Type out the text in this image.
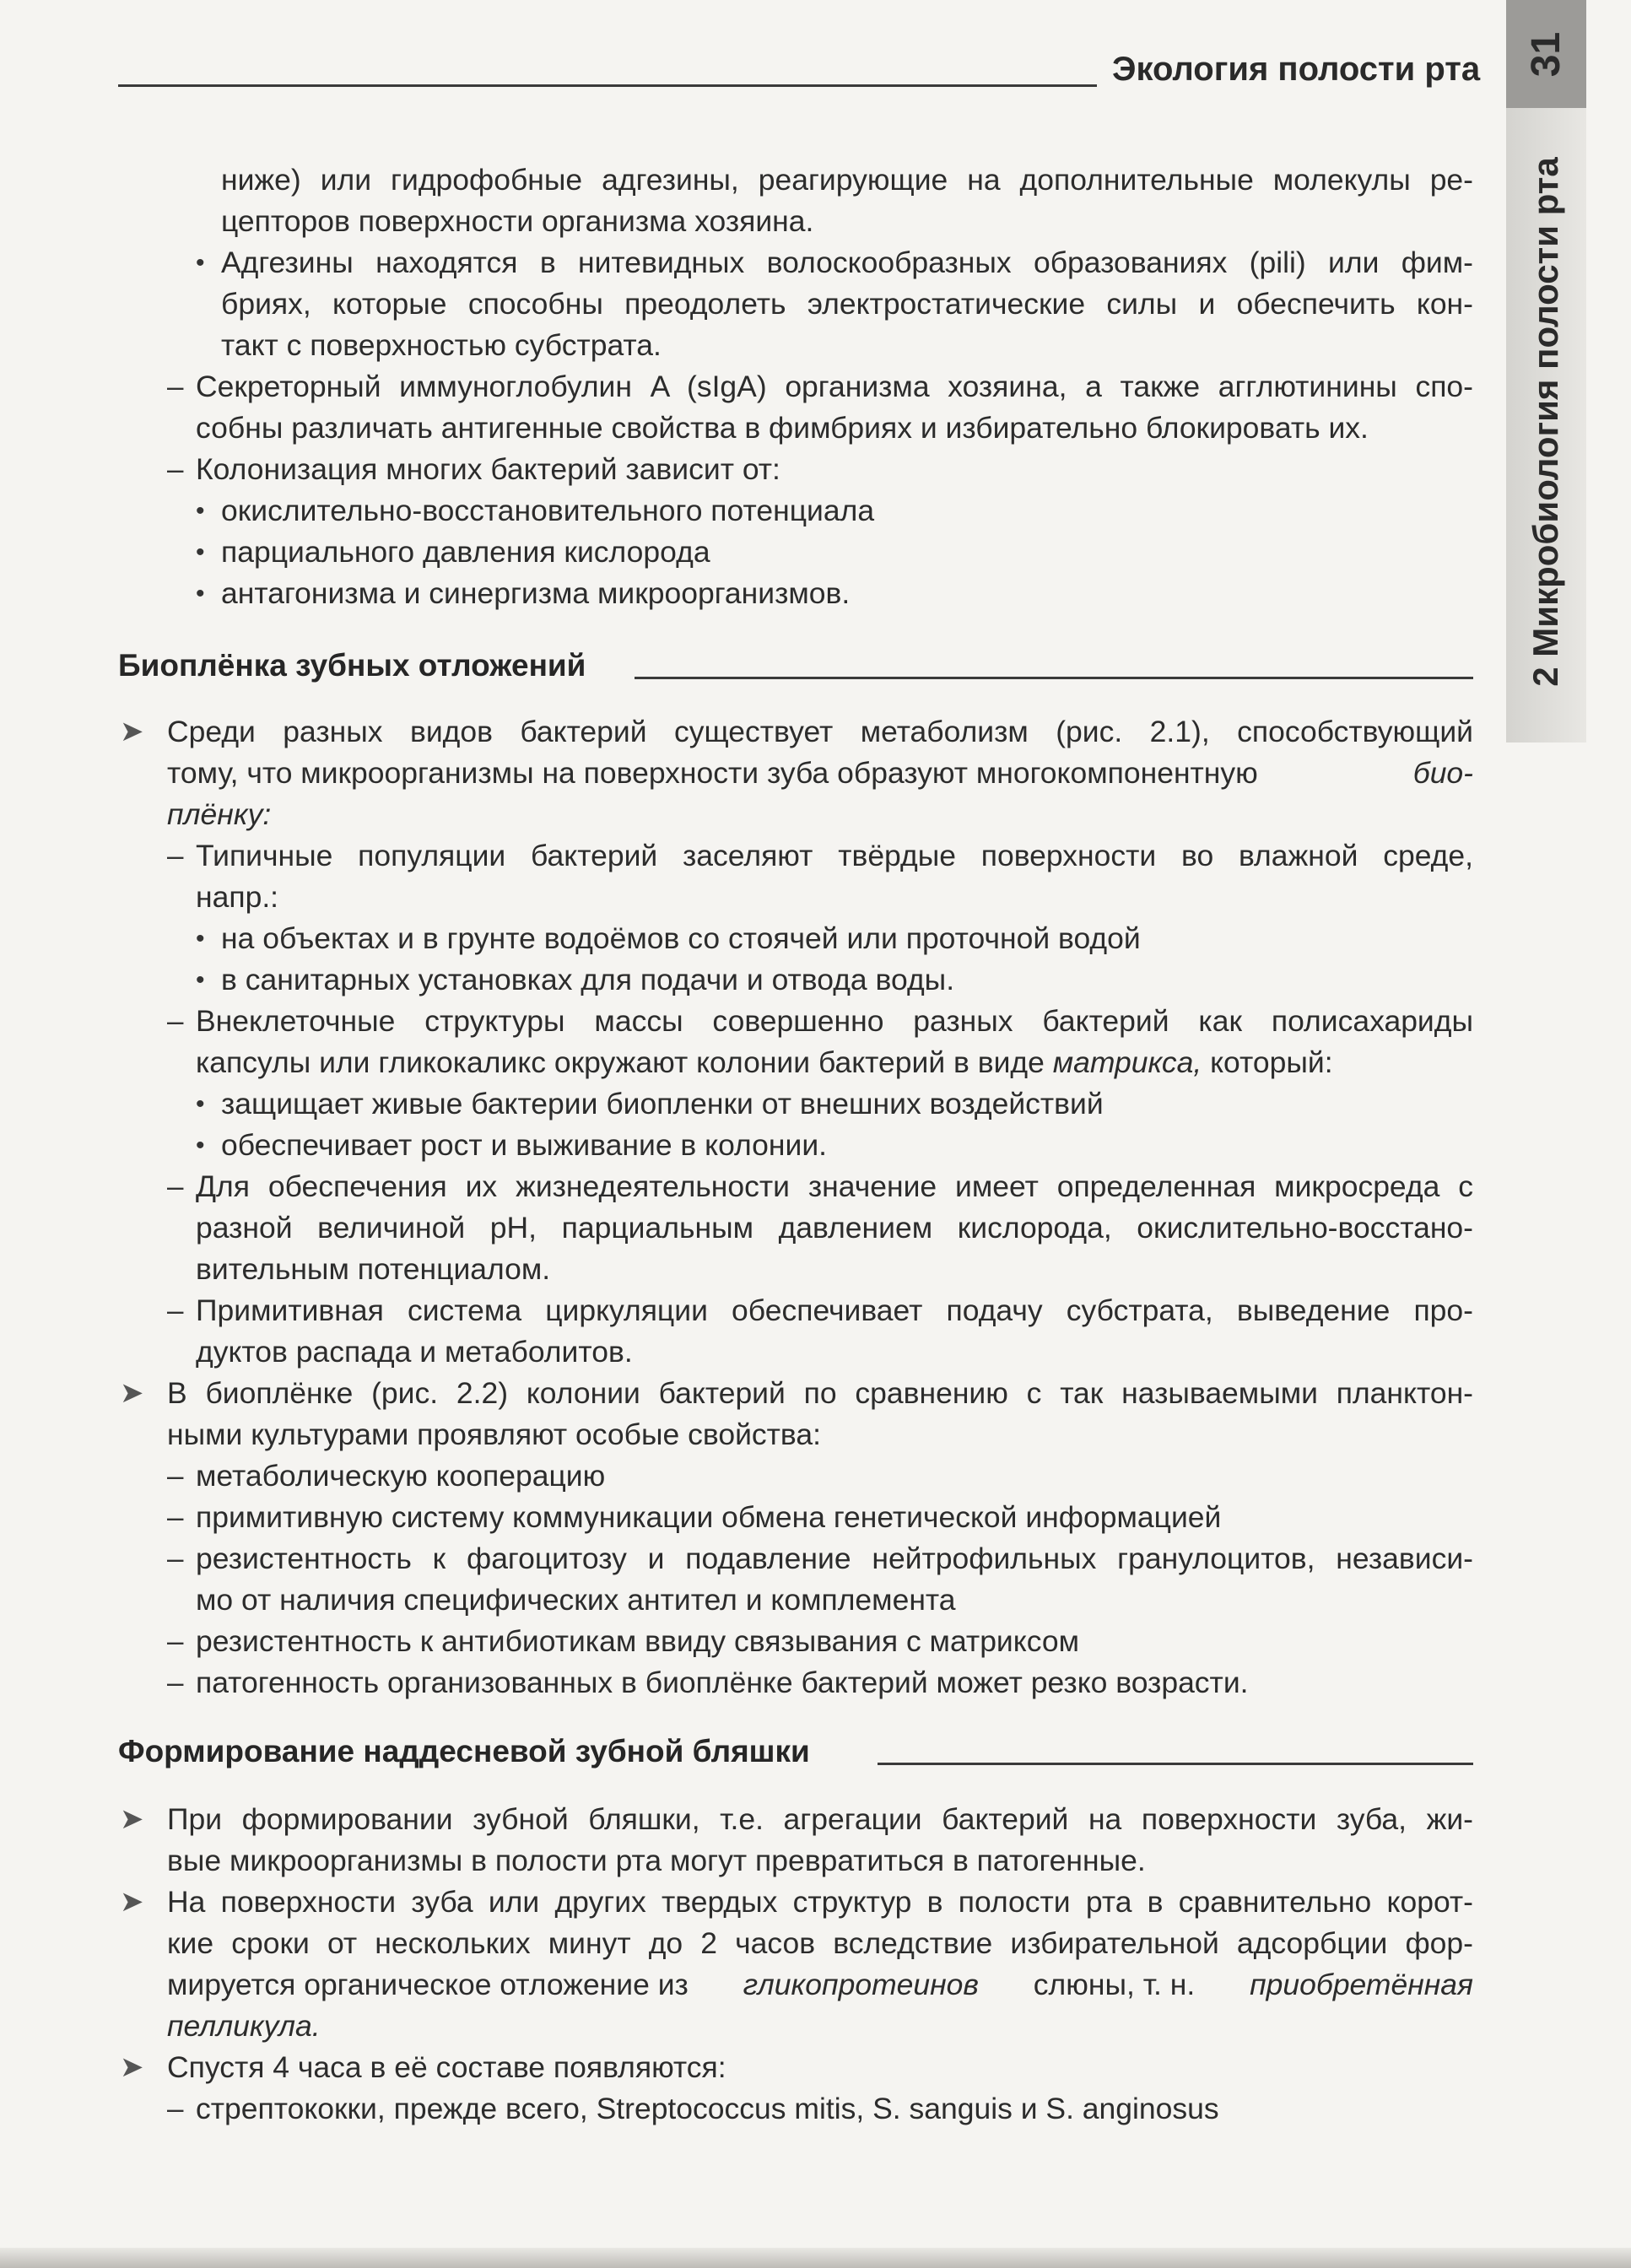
Экология полости рта 31
2 Микробиология полости рта
ниже) или гидрофобные адгезины, реагирующие на дополнительные молекулы ре-
цепторов поверхности организма хозяина.
• Адгезины находятся в нитевидных волоскообразных образованиях (pili) или фим-
бриях, которые способны преодолеть электростатические силы и обеспечить кон-
такт с поверхностью субстрата.
– Секреторный иммуноглобулин A (sIgA) организма хозяина, а также агглютинины спо-
собны различать антигенные свойства в фимбриях и избирательно блокировать их.
– Колонизация многих бактерий зависит от:
• окислительно-восстановительного потенциала
• парциального давления кислорода
• антагонизма и синергизма микроорганизмов.
Биоплёнка зубных отложений
➤ Среди разных видов бактерий существует метаболизм (рис. 2.1), способствующий
тому, что микроорганизмы на поверхности зуба образуют многокомпонентную	био-
плёнку:
– Типичные популяции бактерий заселяют твёрдые поверхности во влажной среде,
напр.:
• на объектах и в грунте водоёмов со стоячей или проточной водой
• в санитарных установках для подачи и отвода воды.
– Внеклеточные структуры массы совершенно разных бактерий как полисахариды
капсулы или гликокаликс окружают колонии бактерий в виде матрикса, который:
• защищает живые бактерии биопленки от внешних воздействий
• обеспечивает рост и выживание в колонии.
– Для обеспечения их жизнедеятельности значение имеет определенная микросреда с
разной величиной pH, парциальным давлением кислорода, окислительно-восстано-
вительным потенциалом.
– Примитивная система циркуляции обеспечивает подачу субстрата, выведение про-
дуктов распада и метаболитов.
➤ В биоплёнке (рис. 2.2) колонии бактерий по сравнению с так называемыми планктон-
ными культурами проявляют особые свойства:
– метаболическую кооперацию
– примитивную систему коммуникации обмена генетической информацией
– резистентность к фагоцитозу и подавление нейтрофильных гранулоцитов, независи-
мо от наличия специфических антител и комплемента
– резистентность к антибиотикам ввиду связывания с матриксом
– патогенность организованных в биоплёнке бактерий может резко возрасти.
Формирование наддесневой зубной бляшки
➤ При формировании зубной бляшки, т.е. агрегации бактерий на поверхности зуба, жи-
вые микроорганизмы в полости рта могут превратиться в патогенные.
➤ На поверхности зуба или других твердых структур в полости рта в сравнительно корот-
кие сроки от нескольких минут до 2 часов вследствие избирательной адсорбции фор-
мируется органическое отложение из гликопротеинов слюны, т. н. приобретённая
пелликула.
➤ Спустя 4 часа в её составе появляются:
– стрептококки, прежде всего, Streptococcus mitis, S. sanguis и S. anginosus
